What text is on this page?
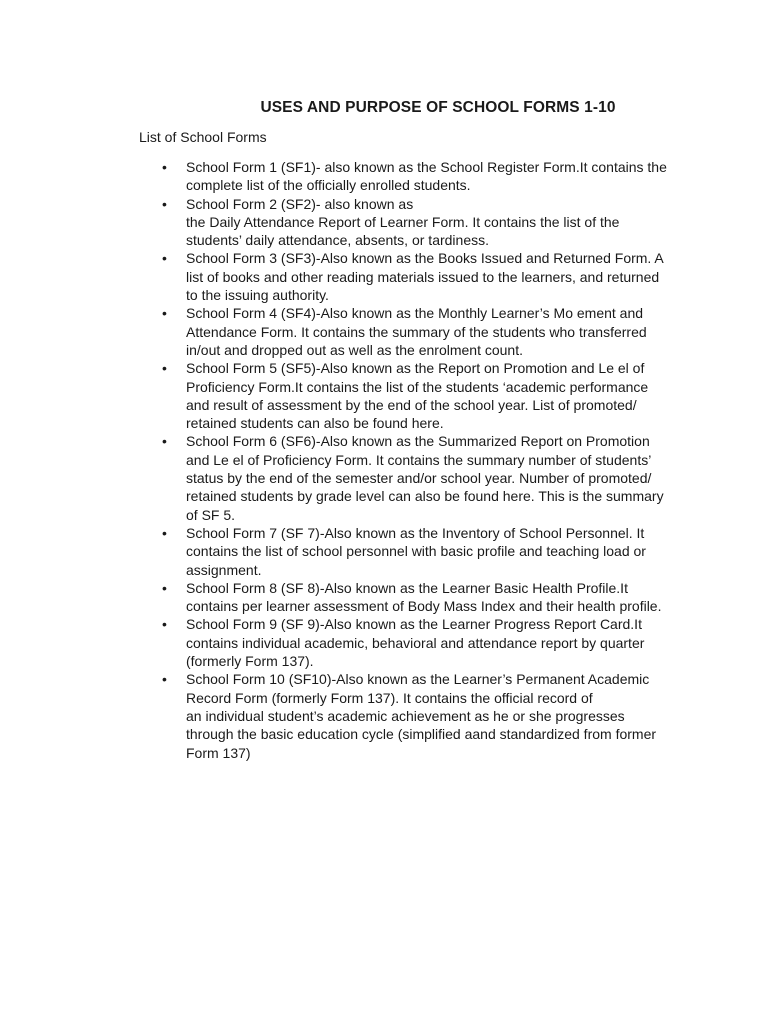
USES AND PURPOSE OF SCHOOL FORMS 1-10

List of School Forms

• School Form 1 (SF1)- also known as the School Register Form.It contains the
complete list of the officially enrolled students.
• School Form 2 (SF2)- also known as
the Daily Attendance Report of Learner Form. It contains the list of the
students’ daily attendance, absents, or tardiness.
• School Form 3 (SF3)-Also known as the Books Issued and Returned Form. A
list of books and other reading materials issued to the learners, and returned
to the issuing authority.
• School Form 4 (SF4)-Also known as the Monthly Learner’s Mo ement and
Attendance Form. It contains the summary of the students who transferred
in/out and dropped out as well as the enrolment count.
• School Form 5 (SF5)-Also known as the Report on Promotion and Le el of
Proficiency Form.It contains the list of the students ‘academic performance
and result of assessment by the end of the school year. List of promoted/
retained students can also be found here.
• School Form 6 (SF6)-Also known as the Summarized Report on Promotion
and Le el of Proficiency Form. It contains the summary number of students’
status by the end of the semester and/or school year. Number of promoted/
retained students by grade level can also be found here. This is the summary
of SF 5.
• School Form 7 (SF 7)-Also known as the Inventory of School Personnel. It
contains the list of school personnel with basic profile and teaching load or
assignment.
• School Form 8 (SF 8)-Also known as the Learner Basic Health Profile.It
contains per learner assessment of Body Mass Index and their health profile.
• School Form 9 (SF 9)-Also known as the Learner Progress Report Card.It
contains individual academic, behavioral and attendance report by quarter
(formerly Form 137).
• School Form 10 (SF10)-Also known as the Learner’s Permanent Academic
Record Form (formerly Form 137). It contains the official record of
an individual student’s academic achievement as he or she progresses
through the basic education cycle (simplified aand standardized from former
Form 137)
